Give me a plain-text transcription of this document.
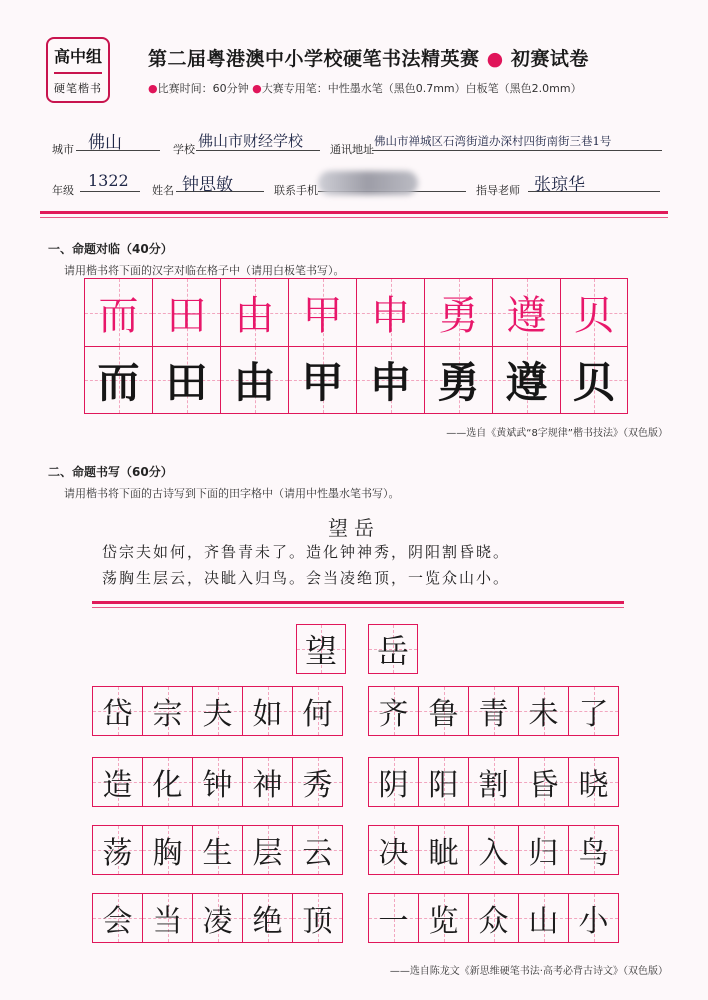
高中组
硬笔楷书
第二届粤港澳中小学校硬笔书法精英赛 ● 初赛试卷
●比赛时间：60分钟 ●大赛专用笔：中性墨水笔（黑色0.7mm）白板笔（黑色2.0mm）
城市 佛山	学校 佛山市财经学校 通讯地址
佛山市禅城区石湾街道办深村四街南街三巷1号
年级
1322
姓名 钟思敏	联系手机	指导老师 张琼华
一、命题对临（40分）
请用楷书将下面的汉字对临在格子中（请用白板笔书写）。
而 田 由 甲 申 勇 遵 贝
而 田 由 甲 申 勇 遵 贝
——选自《黄斌武“8字规律”楷书技法》（双色版）
二、命题书写（60分）
请用楷书将下面的古诗写到下面的田字格中（请用中性墨水笔书写）。
望岳
岱宗夫如何，齐鲁青未了。造化钟神秀，阴阳割昏晓。
荡胸生层云，决眦入归鸟。会当凌绝顶，一览众山小。
望 岳
岱 宗 夫 如 何	齐 鲁 青 未 了
造 化 钟 神 秀	阴 阳 割 昏 晓
荡 胸 生 层 云	决 眦 入 归 鸟
会 当 凌 绝 顶	一 览 众 山 小
——选自陈龙文《新思维硬笔书法·高考必背古诗文》（双色版）
